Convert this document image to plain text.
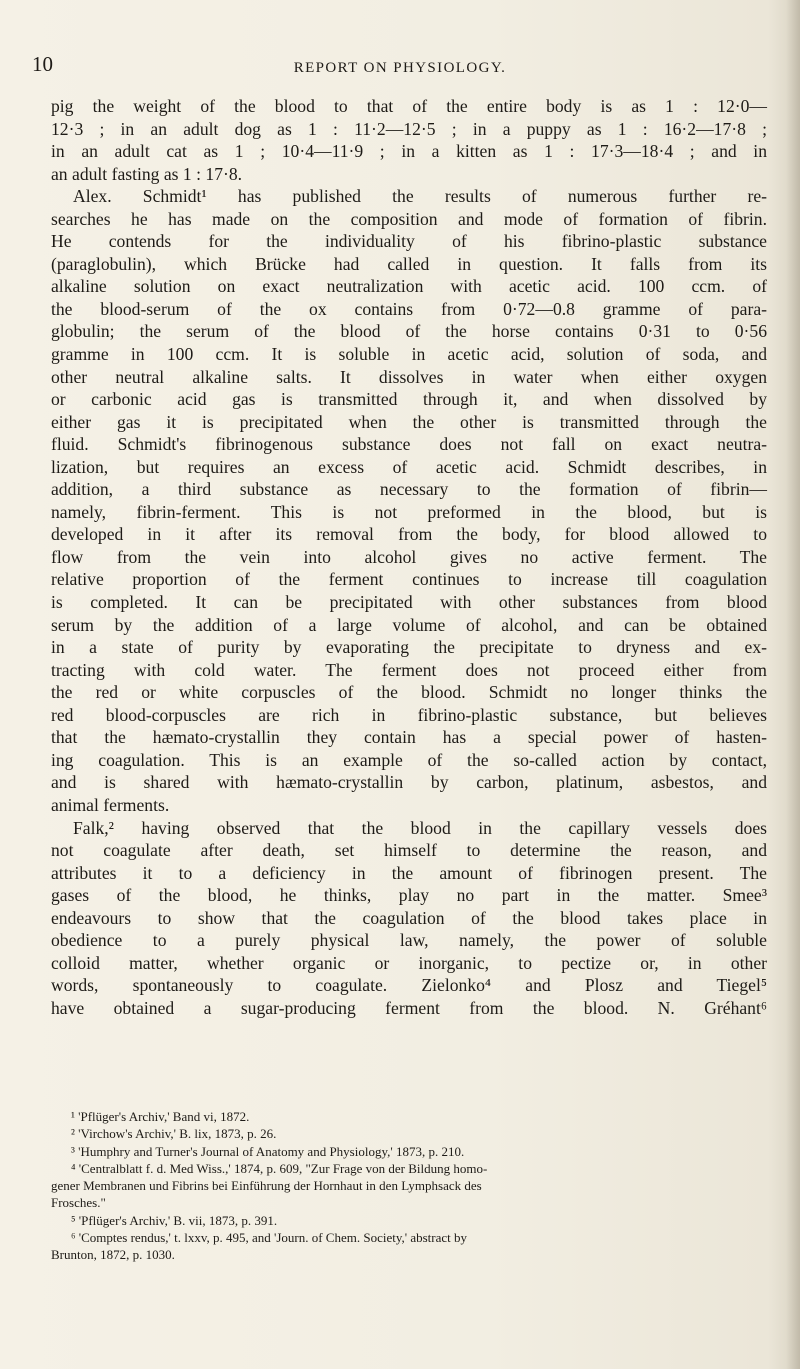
10	REPORT ON PHYSIOLOGY.
pig the weight of the blood to that of the entire body is as 1 : 12·0—
12·3 ; in an adult dog as 1 : 11·2—12·5 ; in a puppy as 1 : 16·2—17·8 ;
in an adult cat as 1 ; 10·4—11·9 ; in a kitten as 1 : 17·3—18·4 ; and in
an adult fasting as 1 : 17·8.
Alex. Schmidt¹ has published the results of numerous further re-
searches he has made on the composition and mode of formation of fibrin.
He contends for the individuality of his fibrino-plastic substance
(paraglobulin), which Brücke had called in question. It falls from its
alkaline solution on exact neutralization with acetic acid. 100 ccm. of
the blood-serum of the ox contains from 0·72—0.8 gramme of para-
globulin; the serum of the blood of the horse contains 0·31 to 0·56
gramme in 100 ccm. It is soluble in acetic acid, solution of soda, and
other neutral alkaline salts. It dissolves in water when either oxygen
or carbonic acid gas is transmitted through it, and when dissolved by
either gas it is precipitated when the other is transmitted through the
fluid. Schmidt's fibrinogenous substance does not fall on exact neutra-
lization, but requires an excess of acetic acid. Schmidt describes, in
addition, a third substance as necessary to the formation of fibrin—
namely, fibrin-ferment. This is not preformed in the blood, but is
developed in it after its removal from the body, for blood allowed to
flow from the vein into alcohol gives no active ferment. The
relative proportion of the ferment continues to increase till coagulation
is completed. It can be precipitated with other substances from blood
serum by the addition of a large volume of alcohol, and can be obtained
in a state of purity by evaporating the precipitate to dryness and ex-
tracting with cold water. The ferment does not proceed either from
the red or white corpuscles of the blood. Schmidt no longer thinks the
red blood-corpuscles are rich in fibrino-plastic substance, but believes
that the hæmato-crystallin they contain has a special power of hasten-
ing coagulation. This is an example of the so-called action by contact,
and is shared with hæmato-crystallin by carbon, platinum, asbestos, and
animal ferments.
Falk,² having observed that the blood in the capillary vessels does
not coagulate after death, set himself to determine the reason, and
attributes it to a deficiency in the amount of fibrinogen present. The
gases of the blood, he thinks, play no part in the matter. Smee³
endeavours to show that the coagulation of the blood takes place in
obedience to a purely physical law, namely, the power of soluble
colloid matter, whether organic or inorganic, to pectize or, in other
words, spontaneously to coagulate. Zielonko⁴ and Plosz and Tiegel⁵
have obtained a sugar-producing ferment from the blood. N. Gréhant⁶
¹ 'Pflüger's Archiv,' Band vi, 1872.
² 'Virchow's Archiv,' B. lix, 1873, p. 26.
³ 'Humphry and Turner's Journal of Anatomy and Physiology,' 1873, p. 210.
⁴ 'Centralblatt f. d. Med Wiss.,' 1874, p. 609, "Zur Frage von der Bildung homo-
gener Membranen und Fibrins bei Einführung der Hornhaut in den Lymphsack des
Frosches."
⁵ 'Pflüger's Archiv,' B. vii, 1873, p. 391.
⁶ 'Comptes rendus,' t. lxxv, p. 495, and 'Journ. of Chem. Society,' abstract by
Brunton, 1872, p. 1030.
